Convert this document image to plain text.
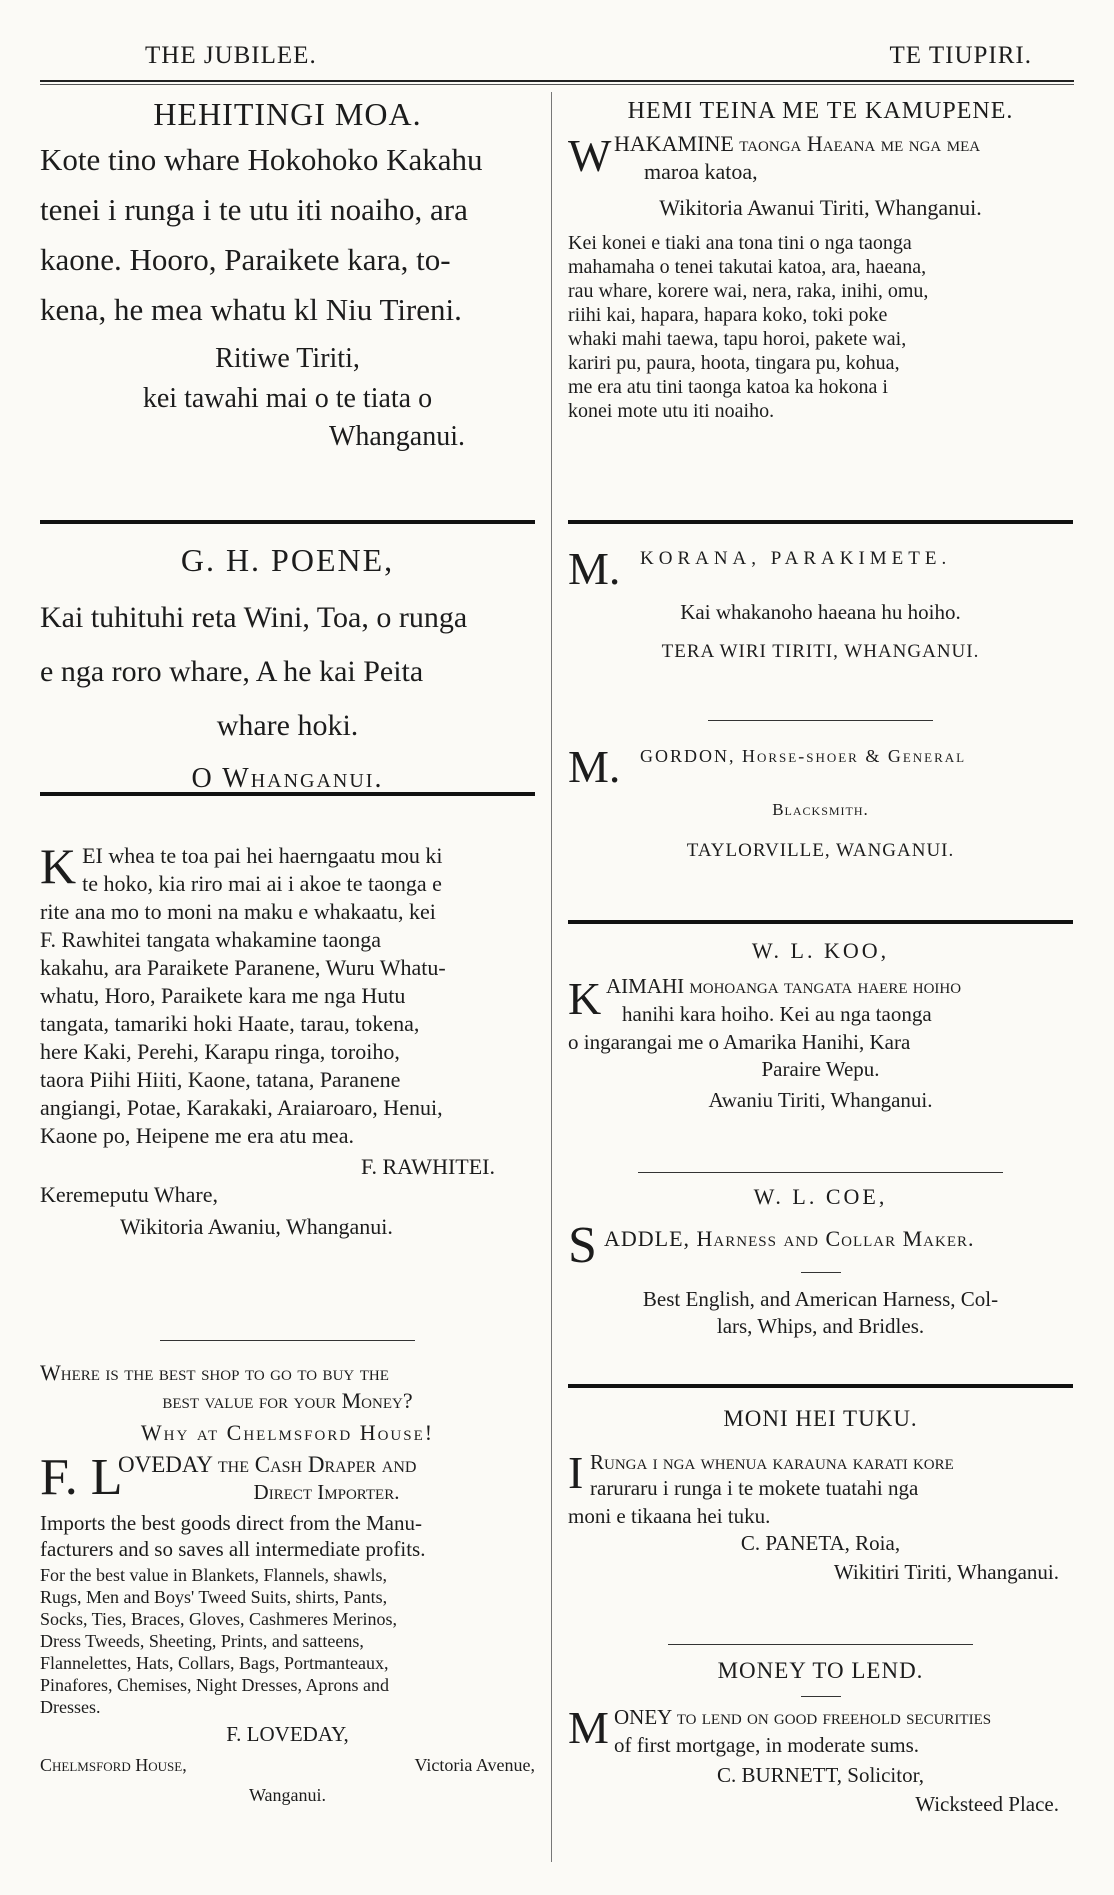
THE JUBILEE.	TE TIUPIRI.
HEHITINGI MOA.
Kote tino whare Hokohoko Kakahu
tenei i runga i te utu iti noaiho, ara
kaone. Hooro, Paraikete kara, to-
kena, he mea whatu kl Niu Tireni.
Ritiwe Tiriti,
kei tawahi mai o te tiata o
Whanganui.
G. H. POENE,
Kai tuhituhi reta Wini, Toa, o runga
e nga roro whare, A he kai Peita
whare hoki.
O Whanganui.
K EI whea te toa pai hei haerngaatu mou ki
te hoko, kia riro mai ai i akoe te taonga e
rite ana mo to moni na maku e whakaatu, kei
F. Rawhitei tangata whakamine taonga
kakahu, ara Paraikete Paranene, Wuru Whatu-
whatu, Horo, Paraikete kara me nga Hutu
tangata, tamariki hoki Haate, tarau, tokena,
here Kaki, Perehi, Karapu ringa, toroiho,
taora Piihi Hiiti, Kaone, tatana, Paranene
angiangi, Potae, Karakaki, Araiaroaro, Henui,
Kaone po, Heipene me era atu mea.
F. RAWHITEI.
Keremeputu Whare,
Wikitoria Awaniu, Whanganui.
Where is the best shop to go to buy the
best value for your Money?
Why at Chelmsford House!
F. L
OVEDAY the Cash Draper and
Direct Importer.
Imports the best goods direct from the Manu-
facturers and so saves all intermediate profits.
For the best value in Blankets, Flannels, shawls,
Rugs, Men and Boys' Tweed Suits, shirts, Pants,
Socks, Ties, Braces, Gloves, Cashmeres Merinos,
Dress Tweeds, Sheeting, Prints, and satteens,
Flannelettes, Hats, Collars, Bags, Portmanteaux,
Pinafores, Chemises, Night Dresses, Aprons and
Dresses.
F. LOVEDAY,
Chelmsford House,	Victoria Avenue,
Wanganui.
HEMI TEINA ME TE KAMUPENE.
W HAKAMINE taonga Haeana me nga mea
maroa katoa,
Wikitoria Awanui Tiriti, Whanganui.
Kei konei e tiaki ana tona tini o nga taonga
mahamaha o tenei takutai katoa, ara, haeana,
rau whare, korere wai, nera, raka, inihi, omu,
riihi kai, hapara, hapara koko, toki poke
whaki mahi taewa, tapu horoi, pakete wai,
kariri pu, paura, hoota, tingara pu, kohua,
me era atu tini taonga katoa ka hokona i
konei mote utu iti noaiho.
M. KORANA, PARAKIMETE.
Kai whakanoho haeana hu hoiho.
TERA WIRI TIRITI, WHANGANUI.
M. GORDON, Horse-shoer & General
Blacksmith.
TAYLORVILLE, WANGANUI.
W. L. KOO,
K AIMAHI mohoanga tangata haere hoiho
hanihi kara hoiho. Kei au nga taonga
o ingarangai me o Amarika Hanihi, Kara
Paraire Wepu.
Awaniu Tiriti, Whanganui.
W. L. COE,
S ADDLE, Harness and Collar Maker.
Best English, and American Harness, Col-
lars, Whips, and Bridles.
MONI HEI TUKU.
I Runga i nga whenua karauna karati kore
raruraru i runga i te mokete tuatahi nga
moni e tikaana hei tuku.
C. PANETA, Roia,
Wikitiri Tiriti, Whanganui.
MONEY TO LEND.
M ONEY to lend on good freehold securities
of first mortgage, in moderate sums.
C. BURNETT, Solicitor,
Wicksteed Place.
